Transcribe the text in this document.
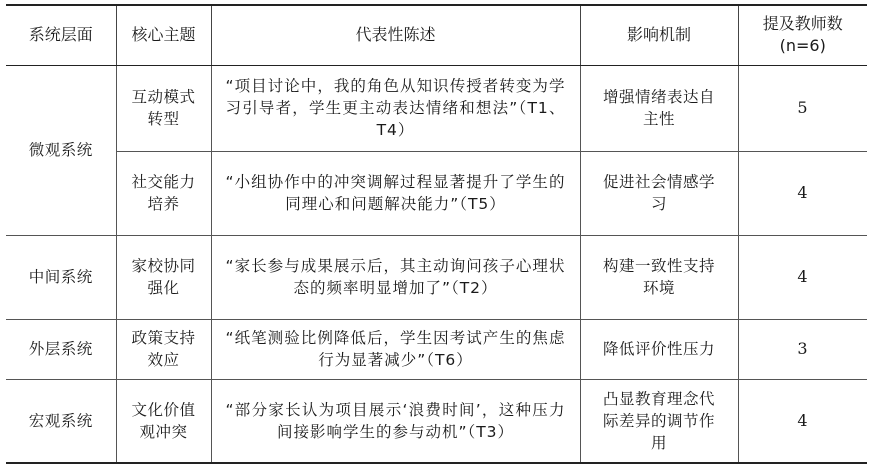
系统层面	核心主题	代表性陈述	影响机制	提及教师数
(n=6)
微观系统	互动模式转型	“项目讨论中，我的角色从知识传授者转变为学习引导者，学生更主动表达情绪和想法”（T1、T4）	增强情绪表达自主性	5
	社交能力培养	“小组协作中的冲突调解过程显著提升了学生的同理心和问题解决能力”（T5）	促进社会情感学习	4
中间系统	家校协同强化	“家长参与成果展示后，其主动询问孩子心理状态的频率明显增加了”（T2）	构建一致性支持环境	4
外层系统	政策支持效应	“纸笔测验比例降低后，学生因考试产生的焦虑行为显著减少”（T6）	降低评价性压力	3
宏观系统	文化价值观冲突	“部分家长认为项目展示‘浪费时间’，这种压力间接影响学生的参与动机”（T3）	凸显教育理念代际差异的调节作用	4
